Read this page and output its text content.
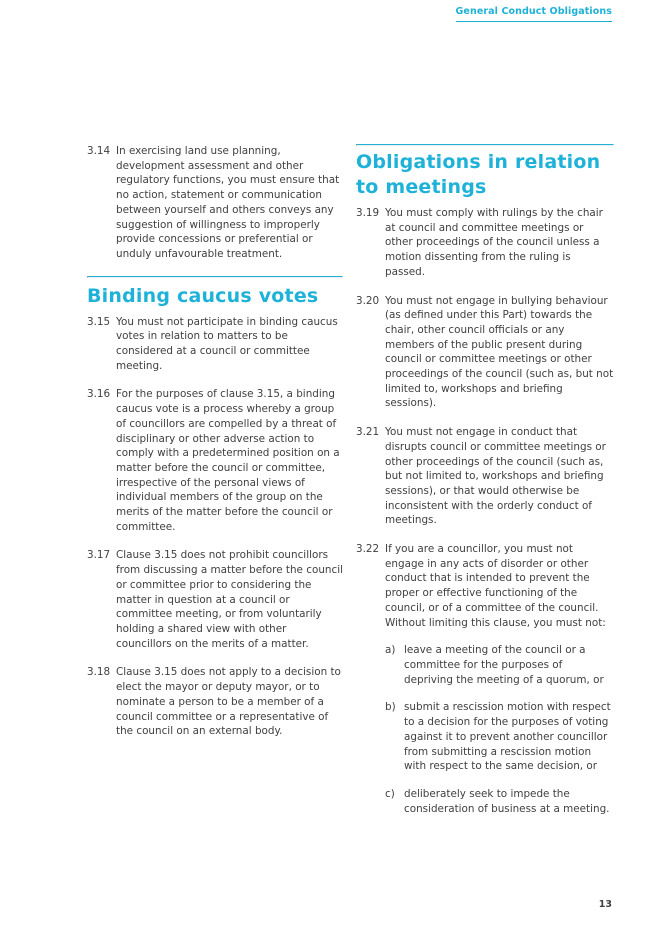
General Conduct Obligations
3.14 In exercising land use planning, development assessment and other regulatory functions, you must ensure that no action, statement or communication between yourself and others conveys any suggestion of willingness to improperly provide concessions or preferential or unduly unfavourable treatment.
Binding caucus votes
3.15 You must not participate in binding caucus votes in relation to matters to be considered at a council or committee meeting.
3.16 For the purposes of clause 3.15, a binding caucus vote is a process whereby a group of councillors are compelled by a threat of disciplinary or other adverse action to comply with a predetermined position on a matter before the council or committee, irrespective of the personal views of individual members of the group on the merits of the matter before the council or committee.
3.17 Clause 3.15 does not prohibit councillors from discussing a matter before the council or committee prior to considering the matter in question at a council or committee meeting, or from voluntarily holding a shared view with other councillors on the merits of a matter.
3.18 Clause 3.15 does not apply to a decision to elect the mayor or deputy mayor, or to nominate a person to be a member of a council committee or a representative of the council on an external body.
Obligations in relation to meetings
3.19 You must comply with rulings by the chair at council and committee meetings or other proceedings of the council unless a motion dissenting from the ruling is passed.
3.20 You must not engage in bullying behaviour (as defined under this Part) towards the chair, other council officials or any members of the public present during council or committee meetings or other proceedings of the council (such as, but not limited to, workshops and briefing sessions).
3.21 You must not engage in conduct that disrupts council or committee meetings or other proceedings of the council (such as, but not limited to, workshops and briefing sessions), or that would otherwise be inconsistent with the orderly conduct of meetings.
3.22 If you are a councillor, you must not engage in any acts of disorder or other conduct that is intended to prevent the proper or effective functioning of the council, or of a committee of the council. Without limiting this clause, you must not:
a) leave a meeting of the council or a committee for the purposes of depriving the meeting of a quorum, or
b) submit a rescission motion with respect to a decision for the purposes of voting against it to prevent another councillor from submitting a rescission motion with respect to the same decision, or
c) deliberately seek to impede the consideration of business at a meeting.
13
